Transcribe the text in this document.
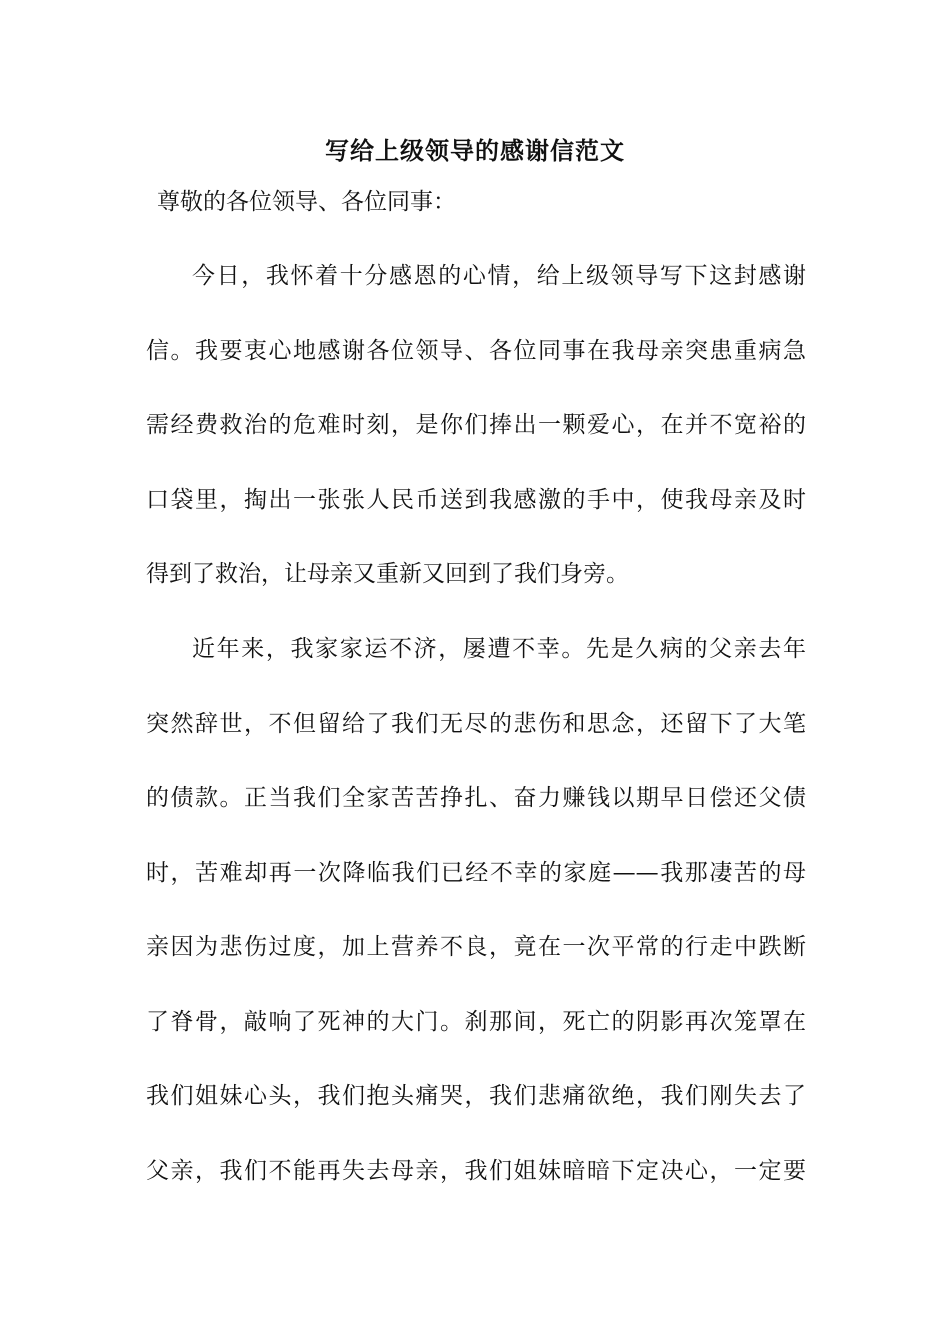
写给上级领导的感谢信范文
尊敬的各位领导、各位同事：
今日，我怀着十分感恩的心情，给上级领导写下这封感谢
信。我要衷心地感谢各位领导、各位同事在我母亲突患重病急
需经费救治的危难时刻，是你们捧出一颗爱心，在并不宽裕的
口袋里，掏出一张张人民币送到我感激的手中，使我母亲及时
得到了救治，让母亲又重新又回到了我们身旁。
近年来，我家家运不济，屡遭不幸。先是久病的父亲去年
突然辞世，不但留给了我们无尽的悲伤和思念，还留下了大笔
的债款。正当我们全家苦苦挣扎、奋力赚钱以期早日偿还父债
时，苦难却再一次降临我们已经不幸的家庭——我那凄苦的母
亲因为悲伤过度，加上营养不良，竟在一次平常的行走中跌断
了脊骨，敲响了死神的大门。刹那间，死亡的阴影再次笼罩在
我们姐妹心头，我们抱头痛哭，我们悲痛欲绝，我们刚失去了
父亲，我们不能再失去母亲，我们姐妹暗暗下定决心，一定要
